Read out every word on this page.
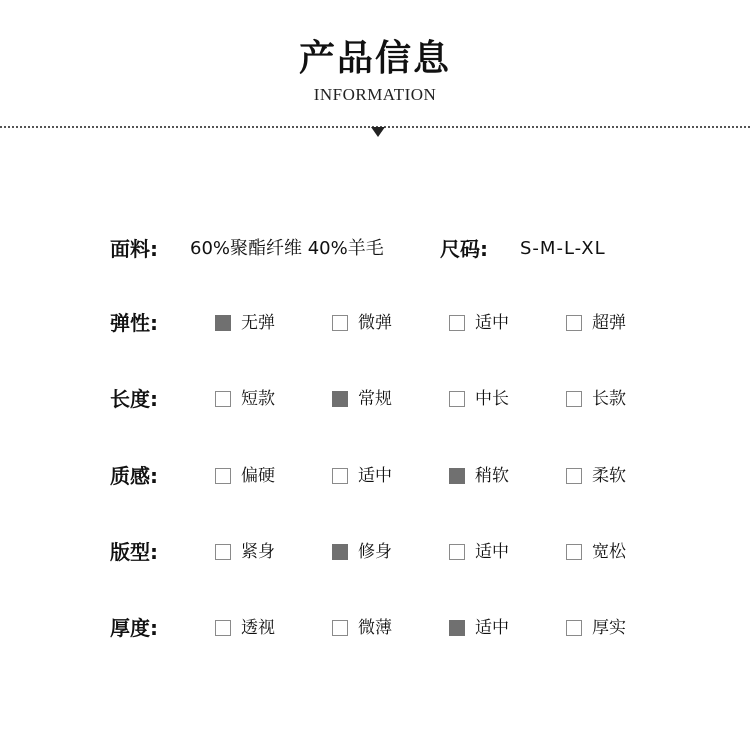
产品信息
INFORMATION
面料: 60%聚酯纤维 40%羊毛	尺码: S-M-L-XL
弹性:	无弹	微弹	适中	超弹
长度:	短款	常规	中长	长款
质感:	偏硬	适中	稍软	柔软
版型:	紧身	修身	适中	宽松
厚度:	透视	微薄	适中	厚实
